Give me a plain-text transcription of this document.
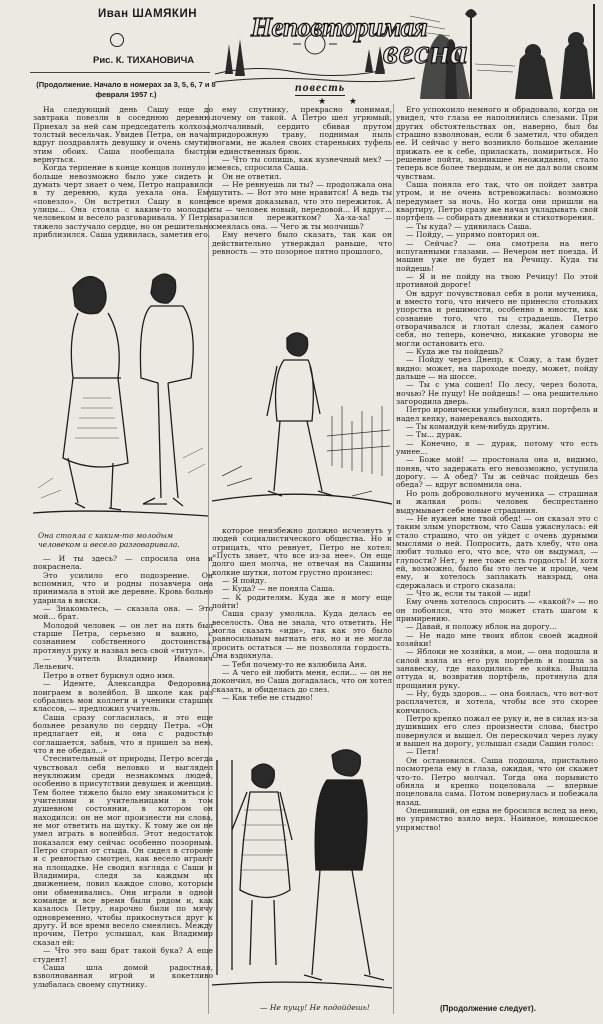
Иван ШАМЯКИН
Рис. К. ТИХАНОВИЧА
(Продолжение. Начало в номерах за 3, 5, 6, 7 и 8 февраля 1957 г.)
Неповторимая
весна
повесть
★ ★

На следующий день Сашу еще до завтрака повезли в соседнюю деревню. Приехал за ней сам председатель колхоза, толстый весельчак. Увидев Петра, он начал вдруг поздравлять девушку и очень смутил этим обоих. Саша пообещала быстро вернуться.

Когда терпение в конце концов лопнуло и больше невозможно было уже сидеть и думать черт знает о чем, Петро направился в ту деревню, куда уехала она. Ему «повезло». Он встретил Сашу в конце улицы... Она стояла с каким-то молодым человеком и весело разговаривала. У Петра тяжело застучало сердце, но он решительно приблизился. Саша удивилась, заметив его.

Она стояла с каким-то молодым человеком и весело разговаривала.

— И ты здесь? — спросила она и покраснела.

Это усилило его подозрение. Он вспомнил, что и родны позавчера она принимала в этой же деревне. Кровь больно ударила в виски.

— Знакомьтесь, — сказала она. — Это мой... брат.

Молодой человек — он лет на пять был старше Петра, серьезно и важно, с сознанием собственного достоинства, протянул руку и назвал весь свой «титул».

— Учитель Владимир Иванович Лельевич.

Петро в ответ буркнул одно имя.

— Идемте, Александра Федоровна, поиграем в волейбол. В школе как раз собрались мои коллеги и ученики старших классов, — предложил учитель.

Саша сразу согласилась, и это еще больнее резануло по сердцу Петра. «Он предлагает ей, и она с радостью соглашается, забыв, что я пришел за нею, что я не обедал...»

Стеснительный от природы, Петро всегда чувствовал себя неловко и выглядел неуклюжим среди незнакомых людей, особенно в присутствии девушек и женщин. Тем более тяжело было ему знакомиться с учителями и учительницами в том душевном состоянии, в котором он находился: он не мог произнести ни слова, не мог ответить на шутку. К тому же он не умел играть в волейбол. Этот недостаток показался ему сейчас особенно позорным. Петро сгорал от стыда. Он сидел в стороне и с ревностью смотрел, как весело играют на площадке. Не сводил взгляда с Саши и Владимира, следя за каждым их движением, ловил каждое слово, которым они обменивались. Они играли в одной команде и все время были рядом и, как казалось Петру, нарочно били по мячу одновременно, чтобы прикоснуться друг к другу. И все время весело смеялись. Между прочим, Петро услышал, как Владимир сказал ей:

— Что это ваш брат такой бука? А еще студент!

Саша шла домой радостная, взволнованная игрой и кокетливо улыбалась своему спутнику.

ему спутнику, прекрасно понимая, почему он такой. А Петро шел угрюмый, молчаливый, сердито сбивая прутом придорожную траву, поднимая пыль ногами, не жалея своих стареньких туфель и единственных брюк.

— Что ты сопишь, как кузнечный мех? — смеясь, спросила Саша.

Он не ответил.

— Не ревнуешь ли ты? — продолжала она шутить. — Вот это мне нравится! А ведь ты все время доказывал, что это пережиток. А ты — человек новый, передовой... И вдруг... заразился пережитком? Ха-ха-ха! — смеялась она. — Чего ж ты молчишь?

Ему нечего было сказать, так как он действительно утверждал раньше, что ревность — это позорное пятно прошлого,

которое неизбежно должно исчезнуть у людей социалистического общества. Но и отрицать, что ревнует, Петро не хотел: «Пусть знает, что все из-за нее». Он еще долго шел молча, не отвечая на Сашины колкие шутки, потом грустно произнес:

— Я пойду.

— Куда? — не поняла Саша.

— К родителям. Куда же я могу еще пойти!

Саша сразу умолкла. Куда делась ее веселость. Она не знала, что ответить. Не могла сказать «иди», так как это было равносильным выгнать его, но и не могла просить остаться — не позволяла гордость. Она вздохнула.

— Тебя почему-то не взлюбила Аня.

— А чего ей любить меня, если... — он не докончил, но Саша догадалась, что он хотел сказать, и обиделась до слез.

— Как тебе не стыдно!

— Не пущу! Не подойдешь!

Его успокоило немного и обрадовало, когда он увидел, что глаза ее наполнились слезами. При других обстоятельствах он, наверно, был бы страшно взволнован, если б заметил, что обидел ее. И сейчас у него возникло большое желание прижать ее к себе, приласкать, помириться. Но решение пойти, возникшее неожиданно, стало теперь все более твердым, и он не дал воли своим чувствам.

Саша поняла его так, что он пойдет завтра утром, и не очень встревожилась: возможно передумает за ночь. Но когда они пришли на квартиру, Петро сразу же начал укладывать свой портфель — собирать дневники и стихотворения.

— Ты куда? — удивилась Саша.

— Пойду, — упрямо повторил он.

— Сейчас? — она смотрела на него испуганными глазами. — Вечером нет поезда. И машин уже не будет на Речицу. Куда ты пойдешь!

— Я и не пойду на твою Речицу! По этой противной дороге!

Он вдруг почувствовал себя в роли мученика, и вместо того, что ничего не принесло стольких упорства и решимости, особенно в юности, как сознание того, что ты страдаешь. Петро отворачивался и глотал слезы, жалея самого себя, но теперь, конечно, никакие уговоры не могли остановить его.

— Куда же ты пойдешь?

— Пойду через Днепр, к Сожу, а там будет видно: может, на пароходе поеду, может, пойду дальше — на шоссе.

— Ты с ума сошел! По лесу, через болота, ночью? Не пущу! Не пойдешь! — она решительно загородила дверь.

Петро иронически улыбнулся, взял портфель и надел кепку, намереваясь выходить.

— Ты командуй кем-нибудь другим.

— Ты... дурак.

— Конечно, я — дурак, потому что есть умнее...

— Боже мой! — простонала она и, видимо, поняв, что задержать его невозможно, уступила дорогу. — А обед? Ты ж сейчас пойдешь без обеда? — вдруг вспомнила она.

Но роль добровольного мученика — страшная и жалкая роль: человек беспрестанно выдумывает себе новые страдания.

— Не нужен мне твой обед! — он сказал это с таким злым упорством, что Саша ужаснулась: ей стало страшно, что он уйдет с очень дурными мыслями о ней. Попросить, дать хлебу, что она любит только его, что все, что он выдумал, — глупости? Нет, у нее тоже есть гордость! И хотя ей, возможно, было бы это легче и проще, чем ему, и хотелось заплакать навзрыд, она сдержалась и строго сказала:

— Что ж, если ты такой — иди!

Ему очень хотелось спросить — «какой?» — но он побоялся, что это может стать шагом к примирению.

— Давай, я положу яблок на дорогу...

— Не надо мне твоих яблок своей жадной хозяйки!

— Яблоки не хозяйки, а мои, — она подошла и силой взяла из его рук портфель и пошла за занавеску, где находились ее койка. Вышла оттуда и, возвратив портфель, протянула для прощания руку.

— Ну, будь здоров... — она боялась, что вот-вот расплачется, и хотела, чтобы все это скорее кончилось.

Петро крепко пожал ее руку и, не в силах из-за душивших его слез произнести слова, быстро повернулся и вышел. Он перескочил через лужу и вышел на дорогу, услышал сзади Сашин голос:

— Петя!

Он остановился. Саша подошла, пристально посмотрела ему в глаза, ожидая, что он скажет что-то. Петро молчал. Тогда она порывисто обняла и крепко поцеловала — впервые поцеловала сама. Потом повернулась и побежала назад.

Опешивший, он едва не бросился вслед за нею, но упрямство взяло верх. Наивное, юношеское упрямство!

(Продолжение следует).
